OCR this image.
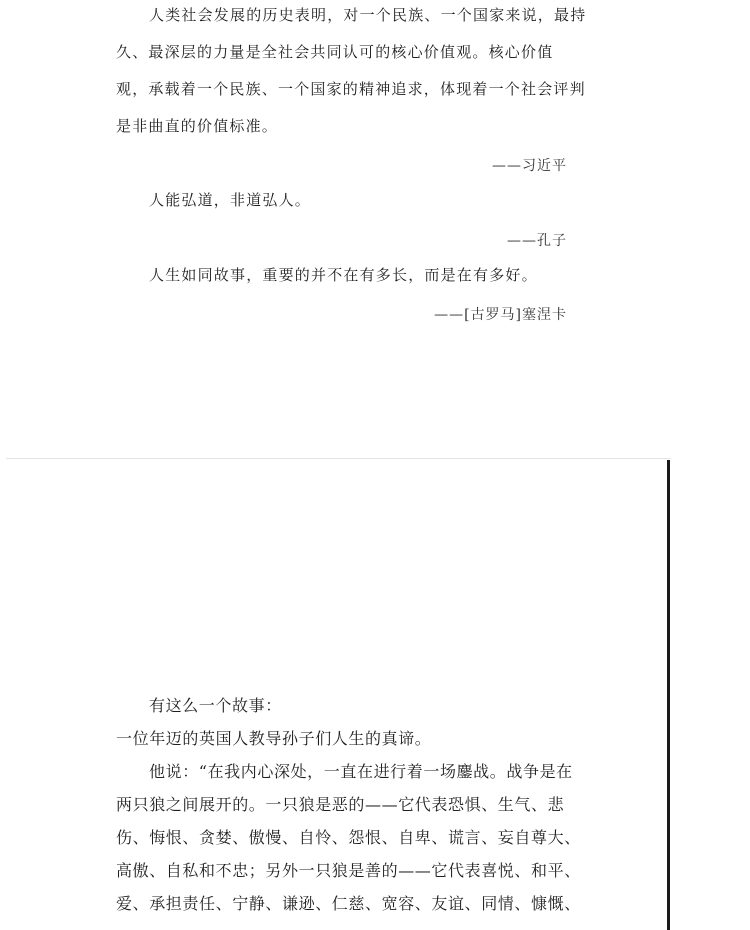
人类社会发展的历史表明，对一个民族、一个国家来说，最持
久、最深层的力量是全社会共同认可的核心价值观。核心价值
观，承载着一个民族、一个国家的精神追求，体现着一个社会评判
是非曲直的价值标准。

——习近平

人能弘道，非道弘人。

——孔子

人生如同故事，重要的并不在有多长，而是在有多好。

——[古罗马]塞涅卡

有这么一个故事：
一位年迈的英国人教导孙子们人生的真谛。
他说：“在我内心深处，一直在进行着一场鏖战。战争是在
两只狼之间展开的。一只狼是恶的——它代表恐惧、生气、悲
伤、悔恨、贪婪、傲慢、自怜、怨恨、自卑、谎言、妄自尊大、
高傲、自私和不忠；另外一只狼是善的——它代表喜悦、和平、
爱、承担责任、宁静、谦逊、仁慈、宽容、友谊、同情、慷慨、
